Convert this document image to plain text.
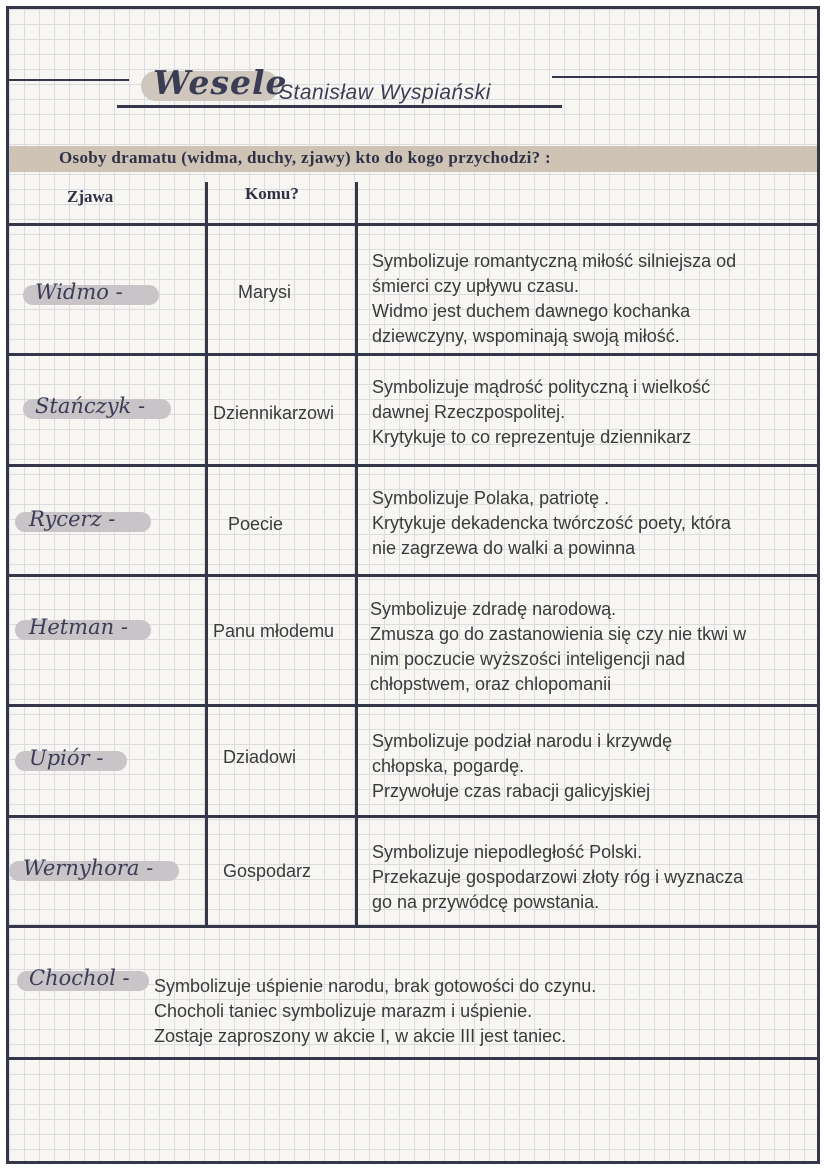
Wesele
Stanisław Wyspiański
Osoby dramatu (widma, duchy, zjawy) kto do kogo przychodzi? :
Zjawa	Komu?
Widmo -	Marysi
Symbolizuje romantyczną miłość silniejsza od
śmierci czy upływu czasu.
Widmo jest duchem dawnego kochanka
dziewczyny, wspominają swoją miłość.
Stańczyk -	Dziennikarzowi
Symbolizuje mądrość polityczną i wielkość
dawnej Rzeczpospolitej.
Krytykuje to co reprezentuje dziennikarz
Rycerz -	Poecie
Symbolizuje Polaka, patriotę .
Krytykuje dekadencka twórczość poety, która
nie zagrzewa do walki a powinna
Hetman -	Panu młodemu
Symbolizuje zdradę narodową.
Zmusza go do zastanowienia się czy nie tkwi w
nim poczucie wyższości inteligencji nad
chłopstwem, oraz chlopomanii
Upiór -	Dziadowi
Symbolizuje podział narodu i krzywdę
chłopska, pogardę.
Przywołuje czas rabacji galicyjskiej
Wernyhora -	Gospodarz
Symbolizuje niepodległość Polski.
Przekazuje gospodarzowi złoty róg i wyznacza
go na przywódcę powstania.
Chochol - Symbolizuje uśpienie narodu, brak gotowości do czynu.
Chocholi taniec symbolizuje marazm i uśpienie.
Zostaje zaproszony w akcie I, w akcie III jest taniec.
